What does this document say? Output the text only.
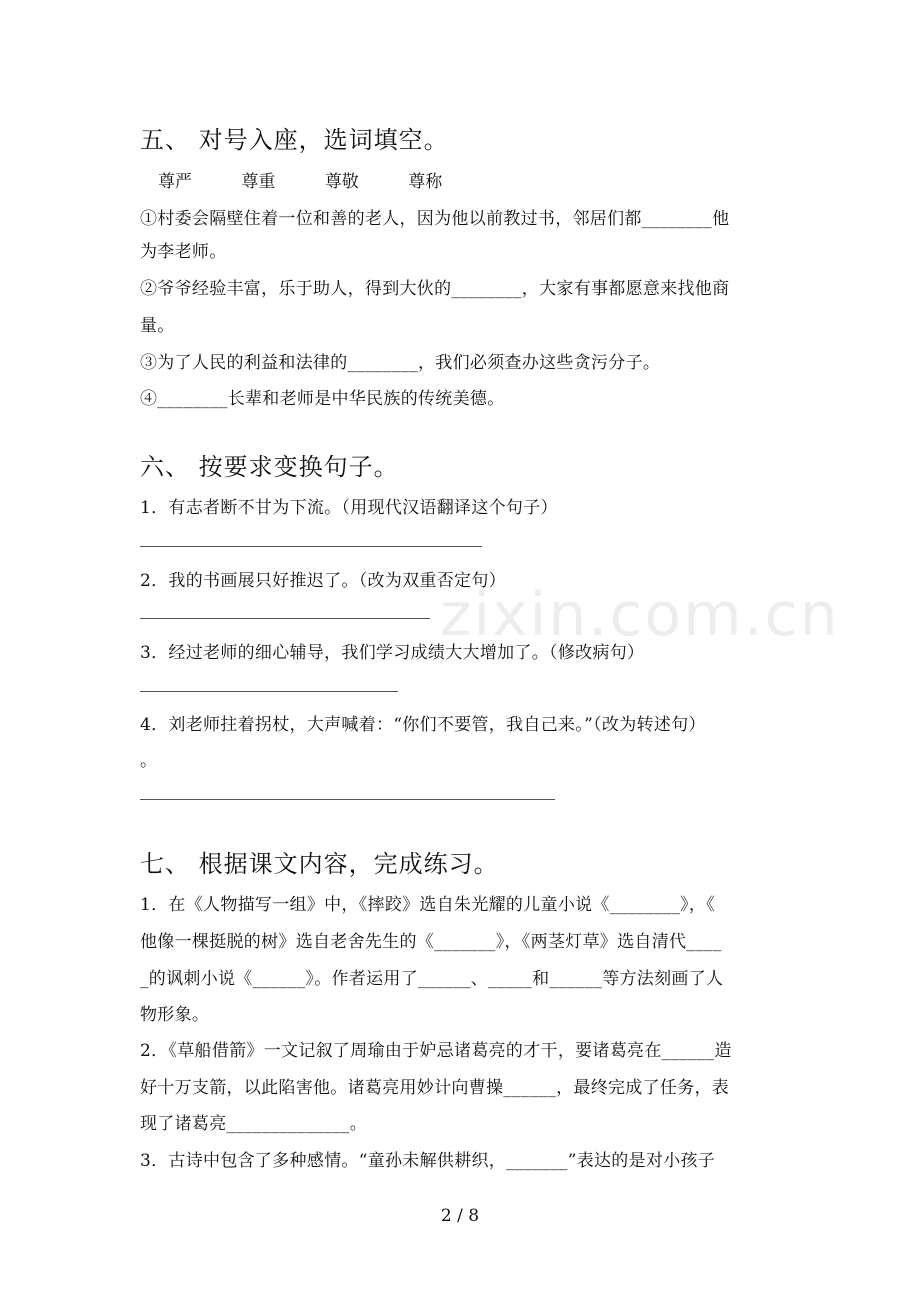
五、 对号入座，选词填空。
尊严	尊重	尊敬	尊称
①村委会隔壁住着一位和善的老人，因为他以前教过书，邻居们都________他
为李老师。
②爷爷经验丰富，乐于助人，得到大伙的________，大家有事都愿意来找他商
量。
③为了人民的利益和法律的________，我们必须查办这些贪污分子。
④________长辈和老师是中华民族的传统美德。
六、 按要求变换句子。
1．有志者断不甘为下流。（用现代汉语翻译这个句子）
2．我的书画展只好推迟了。（改为双重否定句）
3．经过老师的细心辅导，我们学习成绩大大增加了。（修改病句）
4．刘老师拄着拐杖，大声喊着：“你们不要管，我自己来。”（改为转述句）
。
七、 根据课文内容，完成练习。
1．在《人物描写一组》中，《摔跤》选自朱光耀的儿童小说《________》，《
他像一棵挺脱的树》选自老舍先生的《_______》，《两茎灯草》选自清代____
_的讽刺小说《______》。作者运用了______、_____和______等方法刻画了人
物形象。
2．《草船借箭》一文记叙了周瑜由于妒忌诸葛亮的才干，要诸葛亮在______造
好十万支箭，以此陷害他。诸葛亮用妙计向曹操______，最终完成了任务，表
现了诸葛亮______________。
3．古诗中包含了多种感情。“童孙未解供耕织，_______”表达的是对小孩子
zixin.com.cn
2 / 8
